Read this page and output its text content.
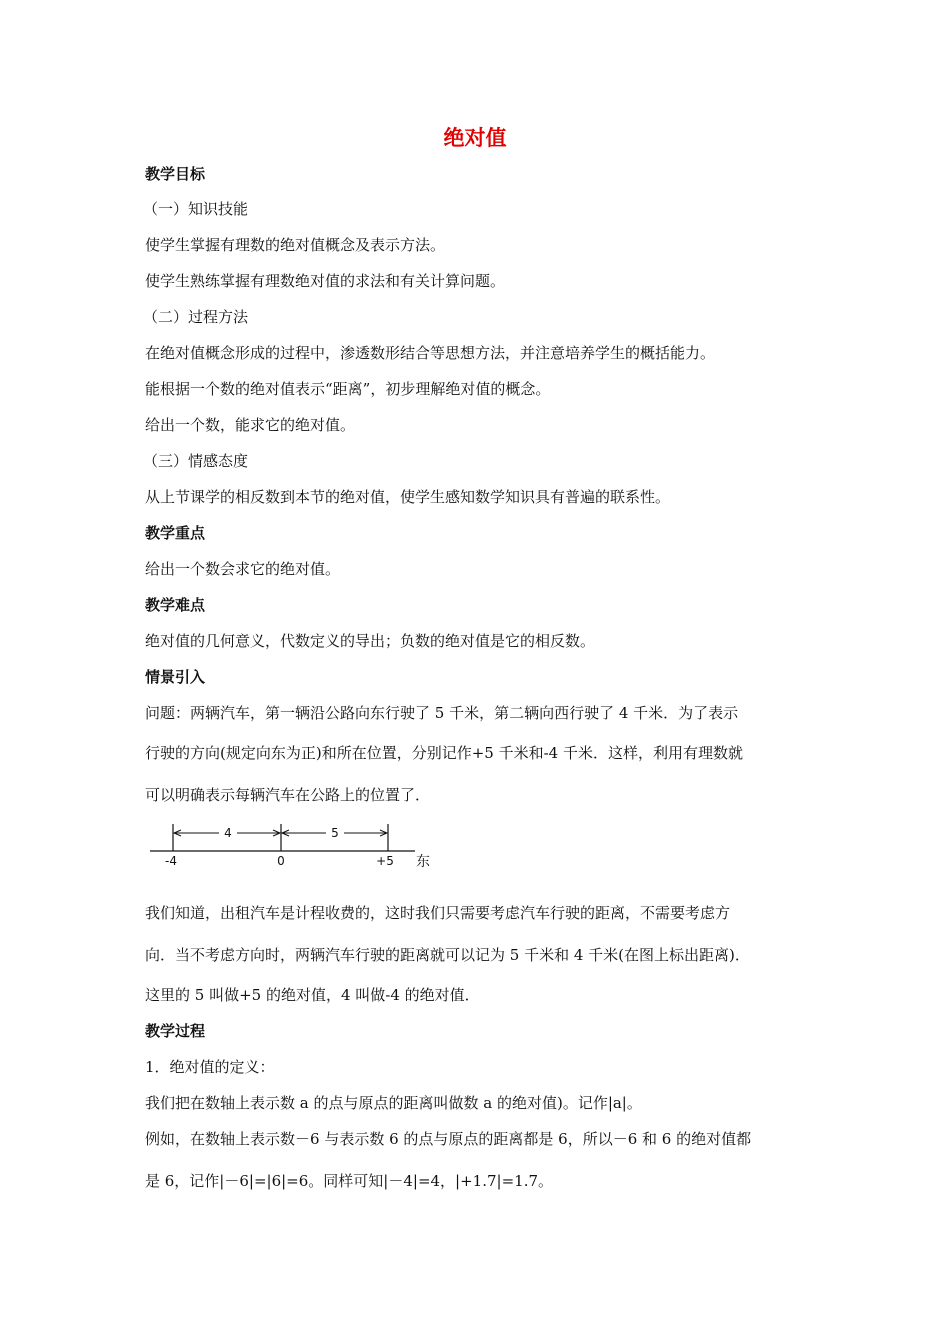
绝对值
教学目标
（一）知识技能
使学生掌握有理数的绝对值概念及表示方法。
使学生熟练掌握有理数绝对值的求法和有关计算问题。
（二）过程方法
在绝对值概念形成的过程中，渗透数形结合等思想方法，并注意培养学生的概括能力。
能根据一个数的绝对值表示“距离”，初步理解绝对值的概念。
给出一个数，能求它的绝对值。
（三）情感态度
从上节课学的相反数到本节的绝对值，使学生感知数学知识具有普遍的联系性。
教学重点
给出一个数会求它的绝对值。
教学难点
绝对值的几何意义，代数定义的导出；负数的绝对值是它的相反数。
情景引入
问题：两辆汽车，第一辆沿公路向东行驶了 5 千米，第二辆向西行驶了 4 千米．为了表示
行驶的方向(规定向东为正)和所在位置，分别记作+5 千米和-4 千米．这样，利用有理数就
可以明确表示每辆汽车在公路上的位置了．
4	5
-4	0	+5 东
我们知道，出租汽车是计程收费的，这时我们只需要考虑汽车行驶的距离，不需要考虑方
向．当不考虑方向时，两辆汽车行驶的距离就可以记为 5 千米和 4 千米(在图上标出距离)．
这里的 5 叫做+5 的绝对值，4 叫做-4 的绝对值．
教学过程
1．绝对值的定义：
我们把在数轴上表示数 a 的点与原点的距离叫做数 a 的绝对值)。记作|a|。
例如，在数轴上表示数－6 与表示数 6 的点与原点的距离都是 6，所以－6 和 6 的绝对值都
是 6，记作|－6|=|6|=6。同样可知|－4|=4，|+1.7|=1.7。
